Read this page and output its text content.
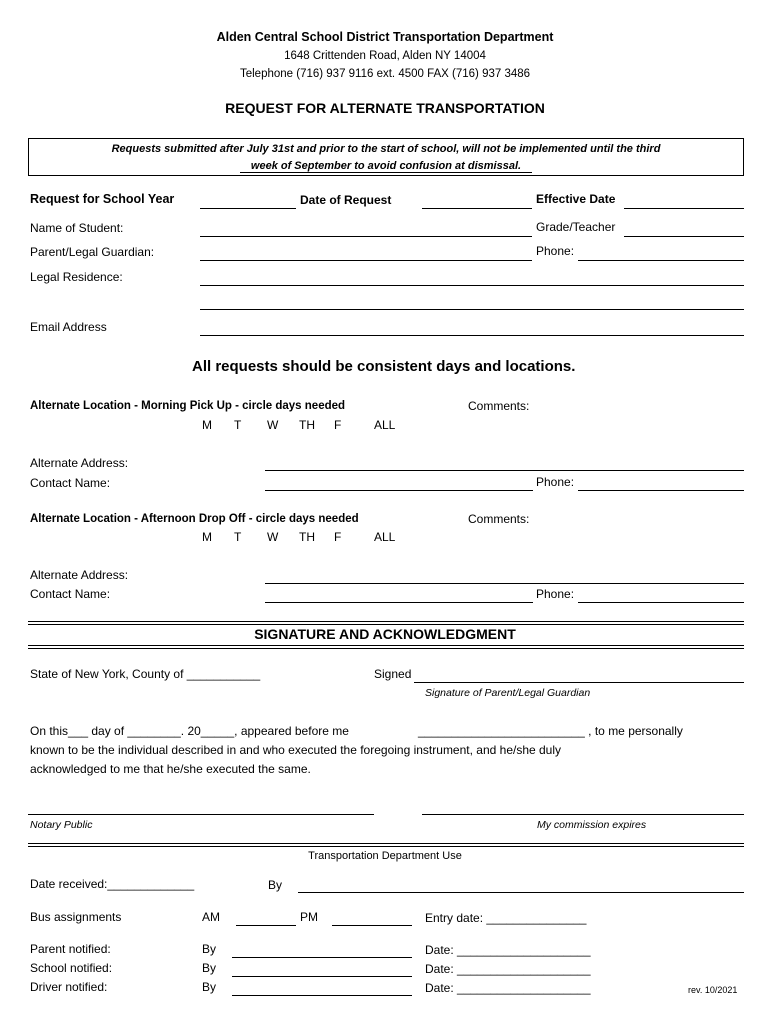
Alden Central School District Transportation Department
1648 Crittenden Road, Alden NY 14004
Telephone (716) 937 9116 ext. 4500 FAX (716) 937 3486
REQUEST FOR ALTERNATE TRANSPORTATION
Requests submitted after July 31st and prior to the start of school, will not be implemented until the third
week of September to avoid confusion at dismissal.
Request for School Year	Date of Request	Effective Date
Name of Student:	Grade/Teacher
Parent/Legal Guardian:	Phone:
Legal Residence:
Email Address
All requests should be consistent days and locations.
Alternate Location - Morning Pick Up - circle days needed	Comments:
M T W TH F	ALL
Alternate Address:
Contact Name:	Phone:
Alternate Location - Afternoon Drop Off - circle days needed	Comments:
M T W TH F	ALL
Alternate Address:
Contact Name:	Phone:
SIGNATURE AND ACKNOWLEDGMENT
State of New York, County of ___________	Signed
Signature of Parent/Legal Guardian
On this___ day of ________. 20_____, appeared before me	_________________________ , to me personally
known to be the individual described in and who executed the foregoing instrument, and he/she duly
acknowledged to me that he/she executed the same.
Notary Public	My commission expires
Transportation Department Use
Date received:_____________	By
Bus assignments	AM	PM	Entry date: _______________
Parent notified:	By	Date: ____________________
School notified:	By	Date: ____________________
Driver notified:	By	Date: ____________________	rev. 10/2021
